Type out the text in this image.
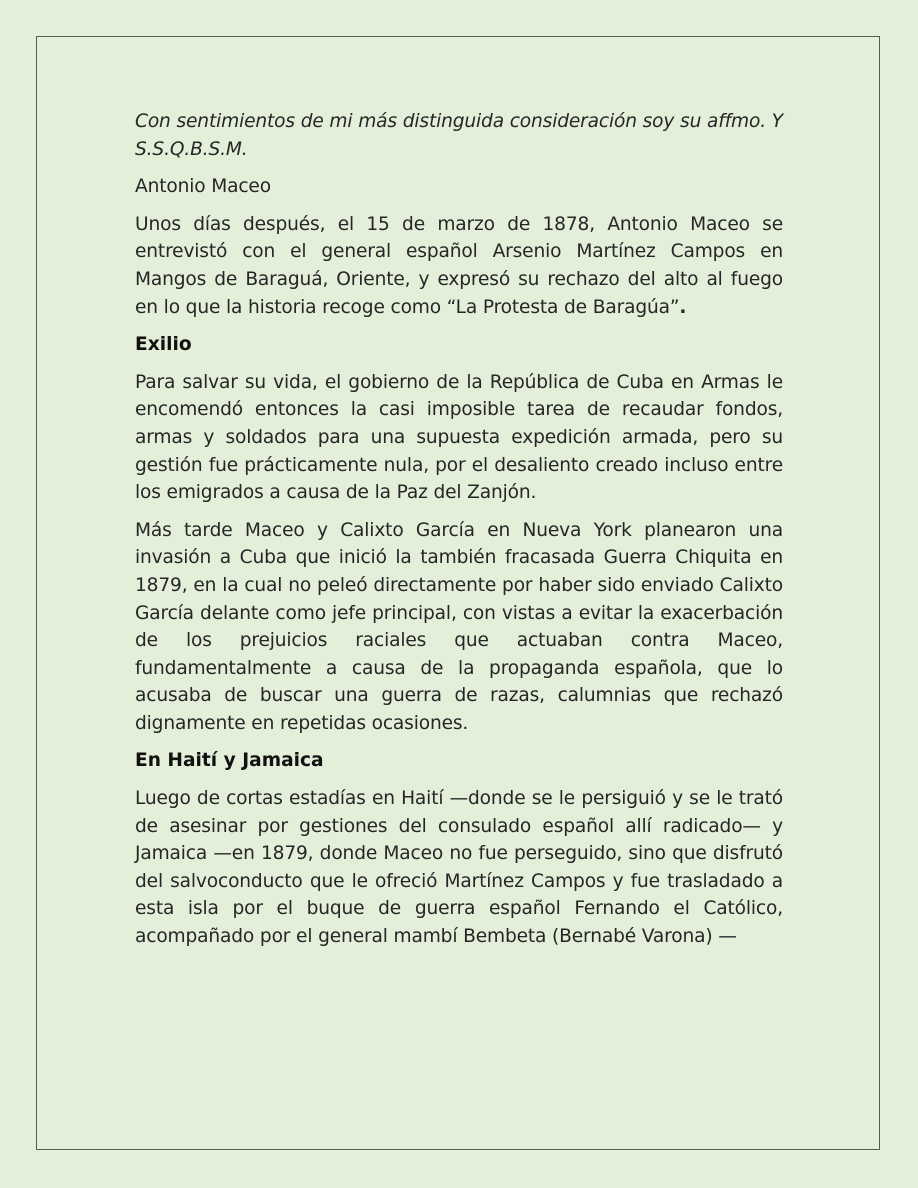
Con sentimientos de mi más distinguida consideración soy su affmo. Y S.S.Q.B.S.M.

Antonio Maceo

Unos días después, el 15 de marzo de 1878, Antonio Maceo se entrevistó con el general español Arsenio Martínez Campos en Mangos de Baraguá, Oriente, y expresó su rechazo del alto al fuego en lo que la historia recoge como “La Protesta de Baragúa”.

Exilio

Para salvar su vida, el gobierno de la República de Cuba en Armas le encomendó entonces la casi imposible tarea de recaudar fondos, armas y soldados para una supuesta expedición armada, pero su gestión fue prácticamente nula, por el desaliento creado incluso entre los emigrados a causa de la Paz del Zanjón.

Más tarde Maceo y Calixto García en Nueva York planearon una invasión a Cuba que inició la también fracasada Guerra Chiquita en 1879, en la cual no peleó directamente por haber sido enviado Calixto García delante como jefe principal, con vistas a evitar la exacerbación de los prejuicios raciales que actuaban contra Maceo, fundamentalmente a causa de la propaganda española, que lo acusaba de buscar una guerra de razas, calumnias que rechazó dignamente en repetidas ocasiones.

En Haití y Jamaica

Luego de cortas estadías en Haití —donde se le persiguió y se le trató de asesinar por gestiones del consulado español allí radicado— y Jamaica —en 1879, donde Maceo no fue perseguido, sino que disfrutó del salvoconducto que le ofreció Martínez Campos y fue trasladado a esta isla por el buque de guerra español Fernando el Católico, acompañado por el general mambí Bembeta (Bernabé Varona) —
